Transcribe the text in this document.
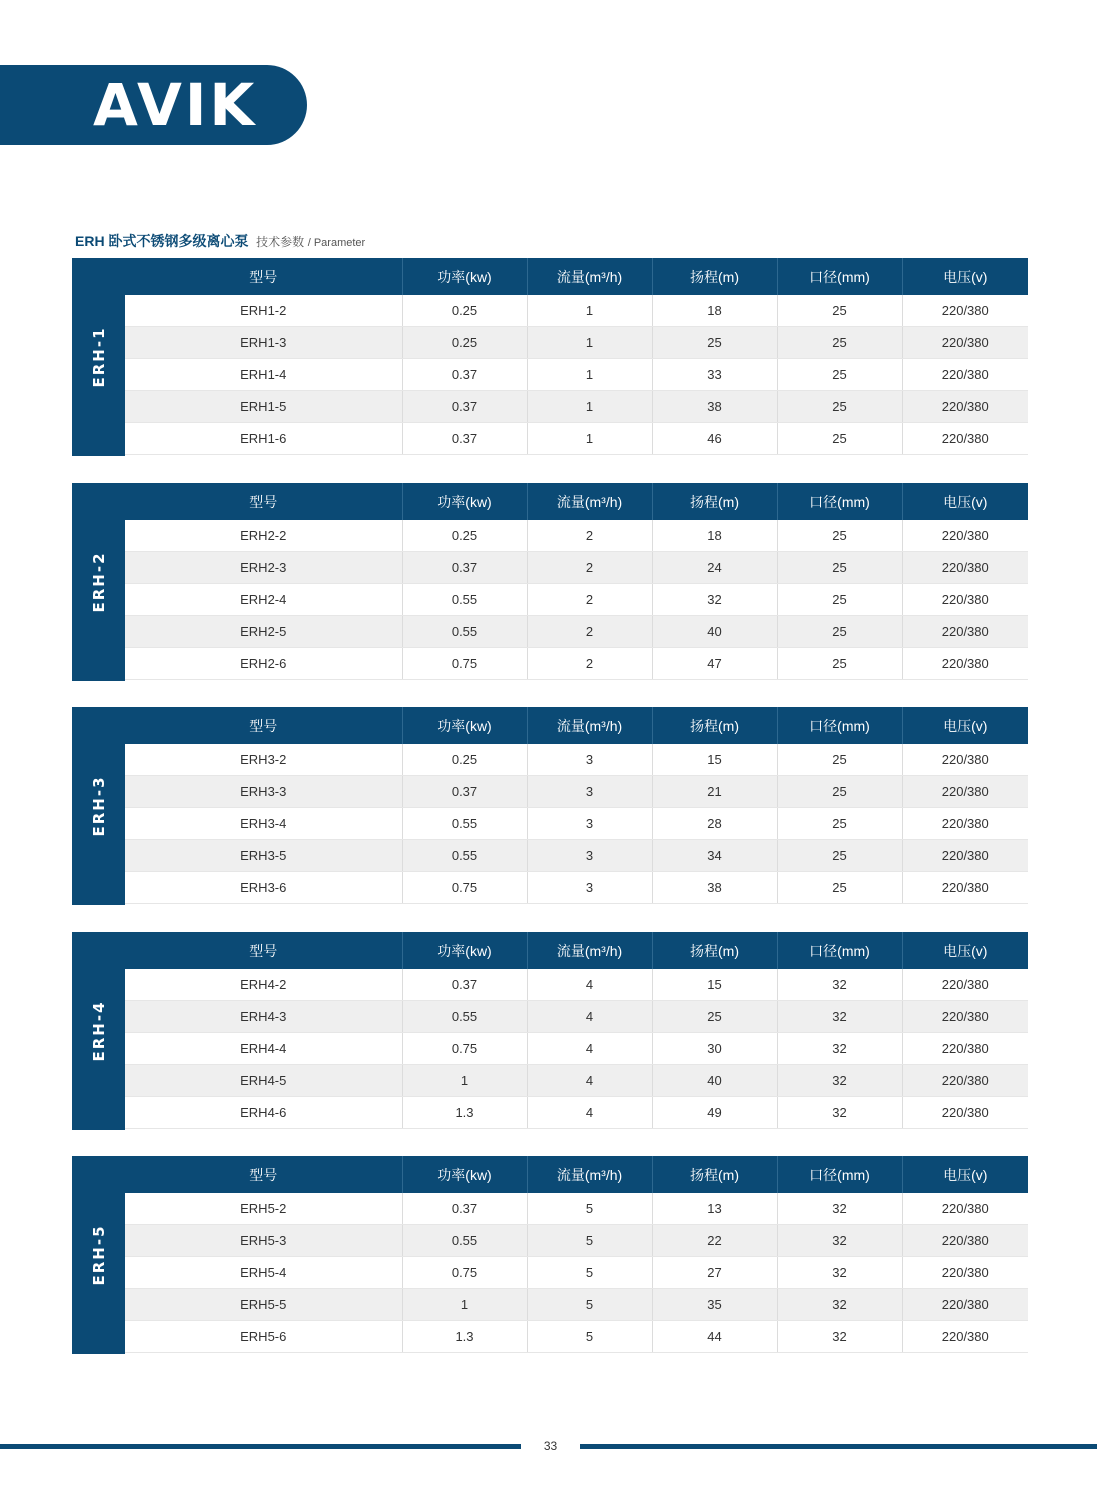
AVIK
ERH 卧式不锈钢多级离心泵 技术参数 / Parameter
ERH-1
型号	功率(kw)	流量(m³/h)	扬程(m)	口径(mm)	电压(v)
ERH1-2	0.25	1	18	25	220/380
ERH1-3	0.25	1	25	25	220/380
ERH1-4	0.37	1	33	25	220/380
ERH1-5	0.37	1	38	25	220/380
ERH1-6	0.37	1	46	25	220/380
ERH-2
型号	功率(kw)	流量(m³/h)	扬程(m)	口径(mm)	电压(v)
ERH2-2	0.25	2	18	25	220/380
ERH2-3	0.37	2	24	25	220/380
ERH2-4	0.55	2	32	25	220/380
ERH2-5	0.55	2	40	25	220/380
ERH2-6	0.75	2	47	25	220/380
ERH-3
型号	功率(kw)	流量(m³/h)	扬程(m)	口径(mm)	电压(v)
ERH3-2	0.25	3	15	25	220/380
ERH3-3	0.37	3	21	25	220/380
ERH3-4	0.55	3	28	25	220/380
ERH3-5	0.55	3	34	25	220/380
ERH3-6	0.75	3	38	25	220/380
ERH-4
型号	功率(kw)	流量(m³/h)	扬程(m)	口径(mm)	电压(v)
ERH4-2	0.37	4	15	32	220/380
ERH4-3	0.55	4	25	32	220/380
ERH4-4	0.75	4	30	32	220/380
ERH4-5	1	4	40	32	220/380
ERH4-6	1.3	4	49	32	220/380
ERH-5
型号	功率(kw)	流量(m³/h)	扬程(m)	口径(mm)	电压(v)
ERH5-2	0.37	5	13	32	220/380
ERH5-3	0.55	5	22	32	220/380
ERH5-4	0.75	5	27	32	220/380
ERH5-5	1	5	35	32	220/380
ERH5-6	1.3	5	44	32	220/380
33
